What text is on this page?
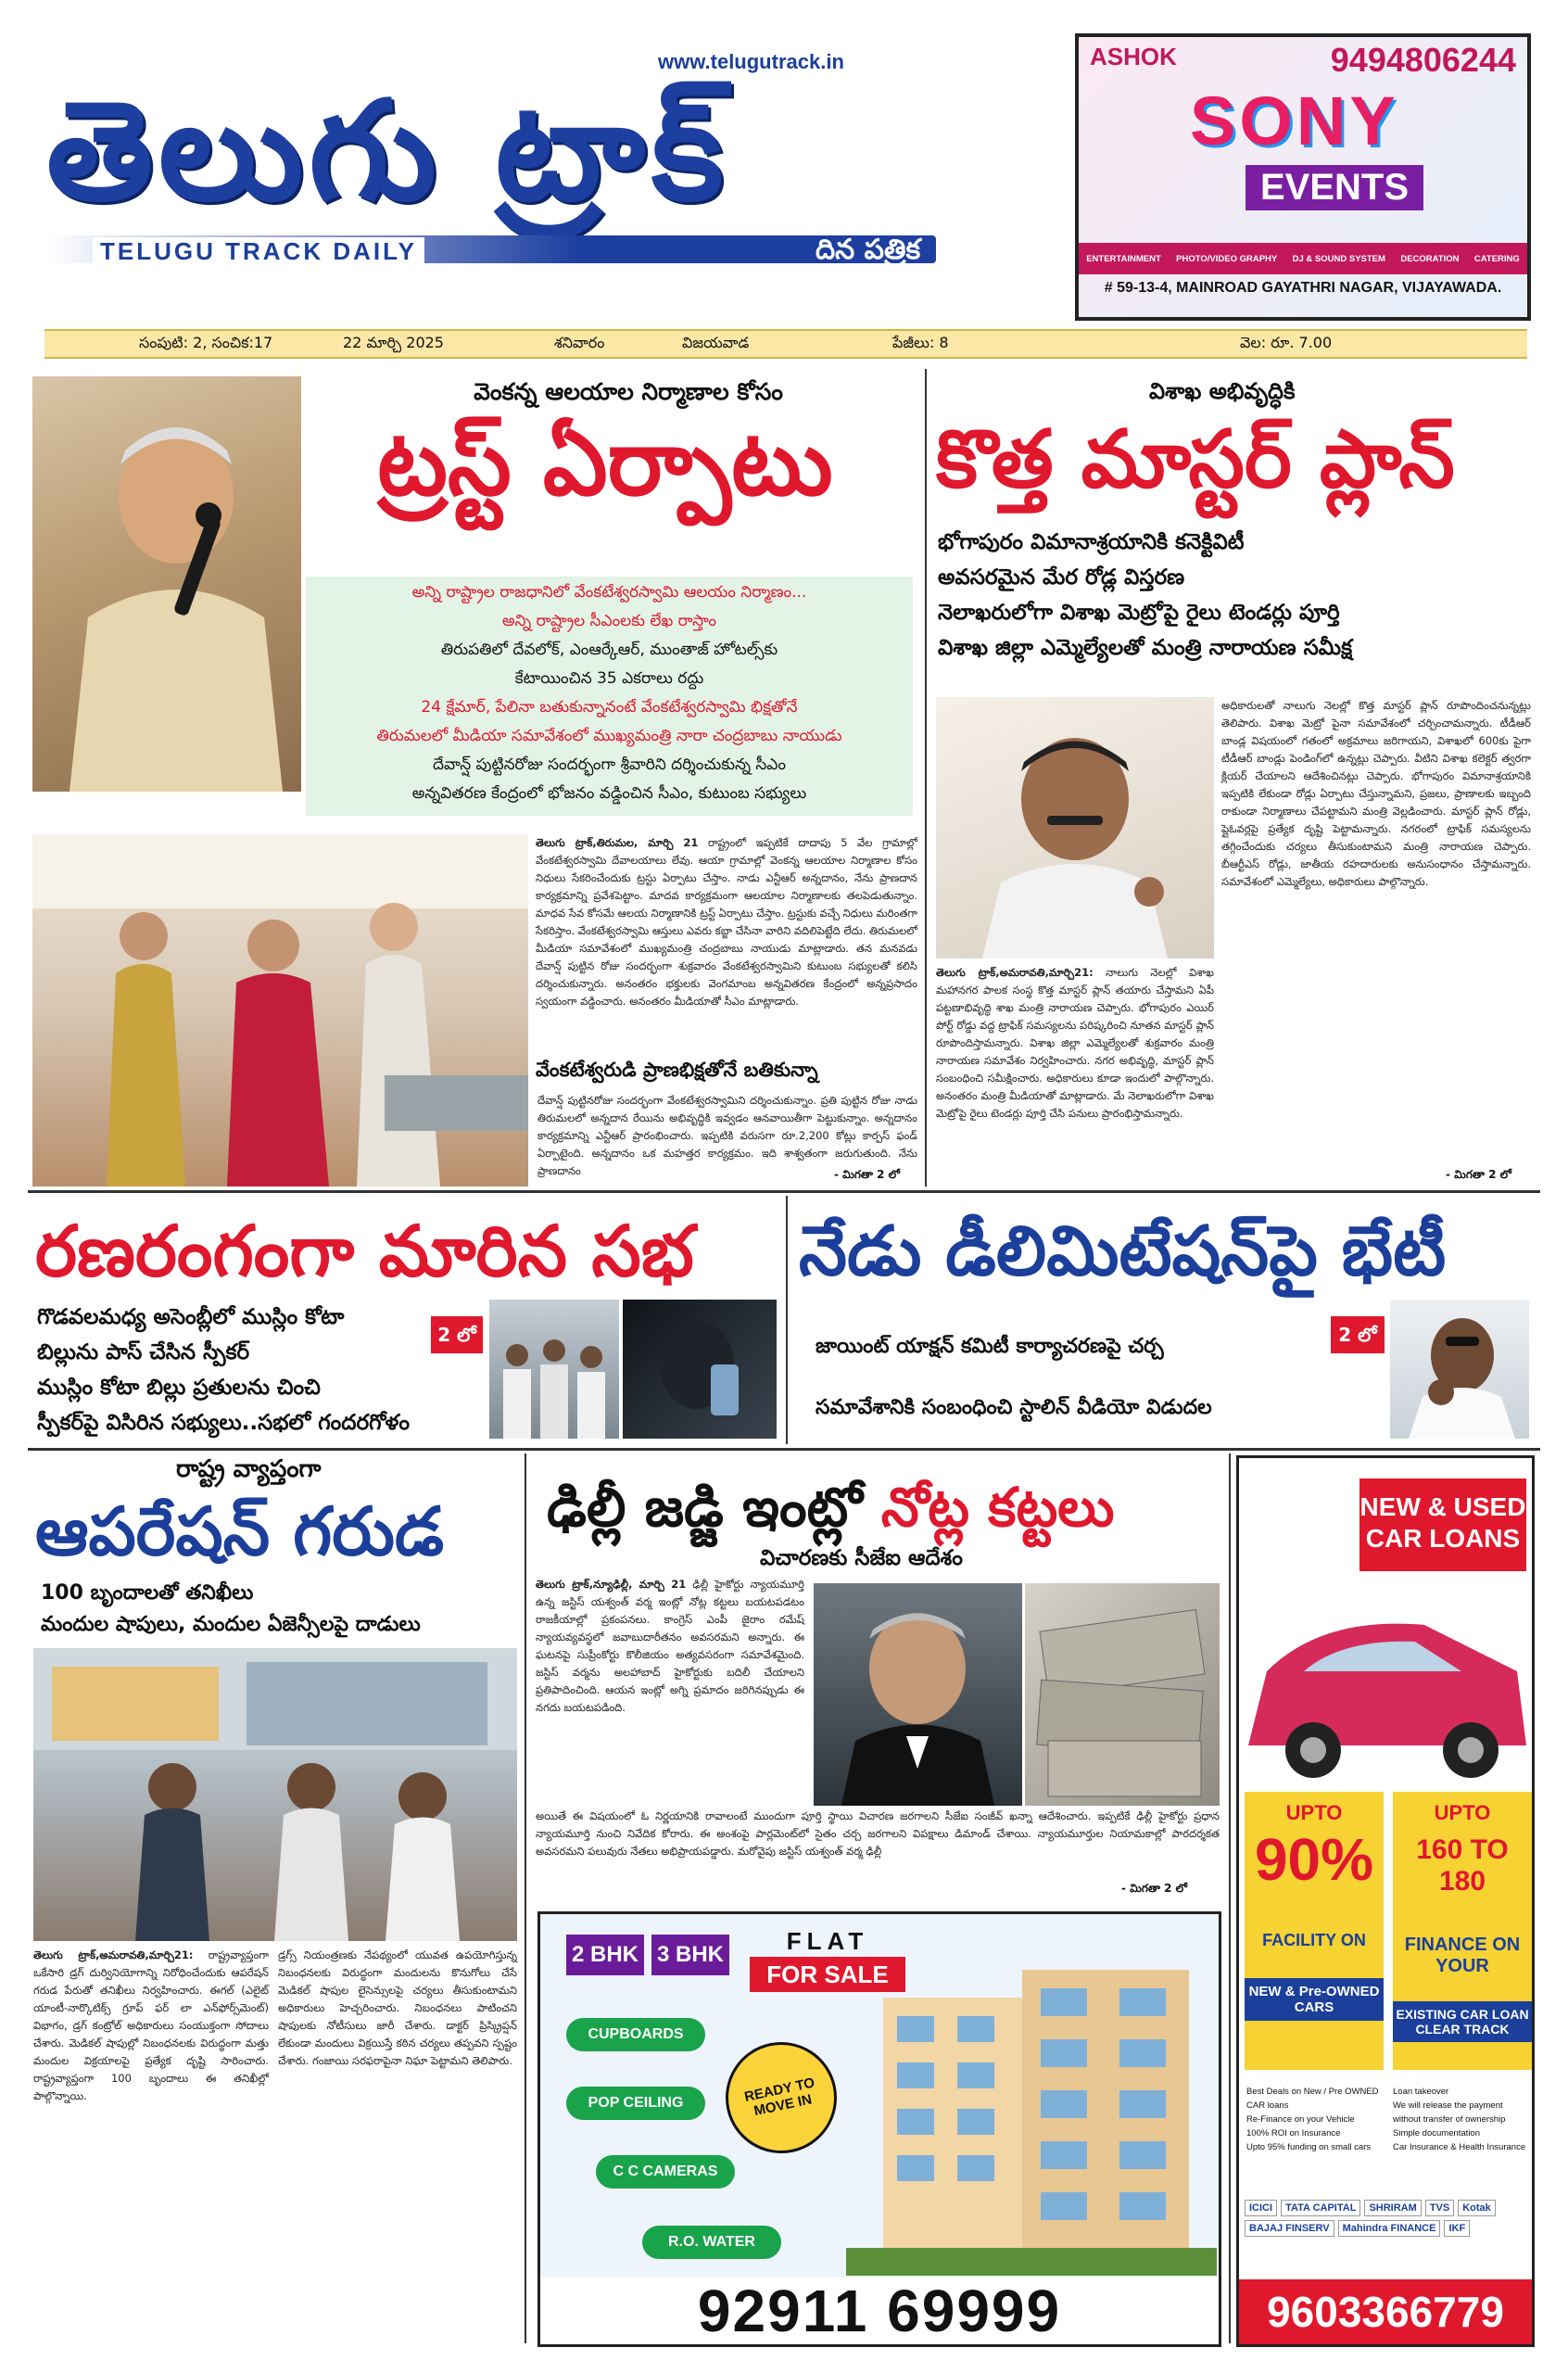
www.telugutrack.in
తెలుగు ట్రాక్
TELUGU TRACK DAILY	దిన పత్రిక
ASHOK	9494806244
SONY
EVENTS
ENTERTAINMENT PHOTO/VIDEO GRAPHY DJ & SOUND SYSTEM DECORATION CATERING
# 59-13-4, MAINROAD GAYATHRI NAGAR, VIJAYAWADA.
సంపుటి: 2, సంచిక:17	22 మార్చి 2025	శనివారం	విజయవాడ	పేజీలు: 8	వెల: రూ. 7.00
వెంకన్న ఆలయాల నిర్మాణాల కోసం
ట్రస్ట్ ఏర్పాటు
అన్ని రాష్ట్రాల రాజధానిలో వేంకటేశ్వరస్వామి ఆలయం నిర్మాణం...
అన్ని రాష్ట్రాల సీఎంలకు లేఖ రాస్తాం
తిరుపతిలో దేవలోక్, ఎంఆర్కేఆర్, ముంతాజ్ హోటల్స్‌కు
కేటాయించిన 35 ఎకరాలు రద్దు
24 క్షేమార్, పేలినా బతుకున్నానంటే వేంకటేశ్వరస్వామి భిక్షతోనే
తిరుమలలో మీడియా సమావేశంలో ముఖ్యమంత్రి నారా చంద్రబాబు నాయుడు
దేవాన్ష్ పుట్టినరోజు సందర్భంగా శ్రీవారిని దర్శించుకున్న సీఎం
అన్నవితరణ కేంద్రంలో భోజనం వడ్డించిన సీఎం, కుటుంబ సభ్యులు
తెలుగు ట్రాక్,తిరుమల, మార్చి 21 రాష్ట్రంలో ఇప్పటికే దాదాపు 5 వేల గ్రామాల్లో వేంకటేశ్వరస్వామి దేవాలయాలు లేవు. ఆయా గ్రామాల్లో వెంకన్న ఆలయాల నిర్మాణాల కోసం నిధులు సేకరించేందుకు ట్రస్టు ఏర్పాటు చేస్తాం. నాడు ఎన్టీఆర్ అన్నదానం, నేను ప్రాణదాన కార్యక్రమాన్ని ప్రవేశపెట్టాం. మాదవ కార్యక్రమంగా ఆలయాల నిర్మాణాలకు తలపెడుతున్నాం. మాధవ సేవ కోసమే ఆలయ నిర్మాణానికి ట్రస్ట్ ఏర్పాటు చేస్తాం. ట్రస్టుకు వచ్చే నిధులు మరింతగా సేకరిస్తాం. వేంకటేశ్వరస్వామి ఆస్తులు ఎవరు కబ్జా చేసినా వారిని వదిలిపెట్టేది లేదు. తిరుమలలో మీడియా సమావేశంలో ముఖ్యమంత్రి చంద్రబాబు నాయుడు మాట్లాడారు. తన మనవడు దేవాన్ష్ పుట్టిన రోజు సందర్భంగా శుక్రవారం వేంకటేశ్వరస్వామిని కుటుంబ సభ్యులతో కలిసి దర్శించుకున్నారు. అనంతరం భక్తులకు వెంగమాంబ అన్నవితరణ కేంద్రంలో అన్నప్రసాదం స్వయంగా వడ్డించారు. అనంతరం మీడియాతో సీఎం మాట్లాడారు.
వేంకటేశ్వరుడి ప్రాణభిక్షతోనే బతికున్నా
దేవాన్ష్ పుట్టినరోజు సందర్భంగా వేంకటేశ్వరస్వామిని దర్శించుకున్నాం. ప్రతి పుట్టిన రోజు నాడు తిరుమలలో అన్నదాన రేయిను అభివృద్ధికి ఇవ్వడం ఆనవాయితీగా పెట్టుకున్నాం. అన్నదానం కార్యక్రమాన్ని ఎన్టీఆర్ ప్రారంభించారు. ఇప్పటికి వరుసగా రూ.2,200 కోట్లు కార్పస్ ఫండ్ ఏర్పాటైంది. అన్నదానం ఒక మహత్తర కార్యక్రమం. ఇది శాశ్వతంగా జరుగుతుంది. నేను ప్రాణదానం	- మిగతా 2 లో
విశాఖ అభివృద్ధికి
కొత్త మాస్టర్ ప్లాన్
భోగాపురం విమానాశ్రయానికి కనెక్టివిటీ
అవసరమైన మేర రోడ్ల విస్తరణ
నెలాఖరులోగా విశాఖ మెట్రోపై రైలు టెండర్లు పూర్తి
విశాఖ జిల్లా ఎమ్మెల్యేలతో మంత్రి నారాయణ సమీక్ష
తెలుగు ట్రాక్,అమరావతి,మార్చి21: నాలుగు నెలల్లో విశాఖ మహానగర పాలక సంస్థ కొత్త మాస్టర్ ప్లాన్ తయారు చేస్తామని ఏపీ పట్టణాభివృద్ధి శాఖ మంత్రి నారాయణ చెప్పారు. భోగాపురం ఎయిర్ పోర్ట్ రోడ్డు వద్ద ట్రాఫిక్ సమస్యలను పరిష్కరించి నూతన మాస్టర్ ప్లాన్ రూపొందిస్తామన్నారు. విశాఖ జిల్లా ఎమ్మెల్యేలతో శుక్రవారం మంత్రి నారాయణ సమావేశం నిర్వహించారు. నగర అభివృద్ధి, మాస్టర్ ప్లాన్ సంబంధించి సమీక్షించారు. అధికారులు కూడా ఇందులో పాల్గొన్నారు. అనంతరం మంత్రి మీడియాతో మాట్లాడారు. మే నెలాఖరులోగా విశాఖ మెట్రోపై రైలు టెండర్లు పూర్తి చేసి పనులు ప్రారంభిస్తామన్నారు.
అధికారులతో నాలుగు నెలల్లో కొత్త మాస్టర్ ప్లాన్ రూపొందించనున్నట్లు తెలిపారు. విశాఖ మెట్రో పైనా సమావేశంలో చర్చించామన్నారు. టీడీఆర్ బాండ్ల విషయంలో గతంలో అక్రమాలు జరిగాయని, విశాఖలో 600కు పైగా టీడీఆర్ బాండ్లు పెండింగ్‌లో ఉన్నట్లు చెప్పారు. వీటిని విశాఖ కలెక్టర్ త్వరగా క్లియర్ చేయాలని ఆదేశించినట్లు చెప్పారు. భోగాపురం విమానాశ్రయానికి ఇప్పటికి లేకుండా రోడ్లు ఏర్పాటు చేస్తున్నామని, ప్రజలు, ప్రాణాలకు ఇబ్బంది రాకుండా నిర్మాణాలు చేపట్టామని మంత్రి వెల్లడించారు. మాస్టర్ ప్లాన్ రోడ్లు, ప్లైఓవర్లపై ప్రత్యేక దృష్టి పెట్టామన్నారు. నగరంలో ట్రాఫిక్ సమస్యలను తగ్గించేందుకు చర్యలు తీసుకుంటామని మంత్రి నారాయణ చెప్పారు. బీఆర్టీఎస్ రోడ్లు, జాతీయ రహదారులకు అనుసంధానం చేస్తామన్నారు. సమావేశంలో ఎమ్మెల్యేలు, అధికారులు పాల్గొన్నారు.
- మిగతా 2 లో
రణరంగంగా మారిన సభ
గొడవలమధ్య అసెంబ్లీలో ముస్లిం కోటా
బిల్లును పాస్ చేసిన స్పీకర్
ముస్లిం కోటా బిల్లు ప్రతులను చించి
స్పీకర్‌పై విసిరిన సభ్యులు..సభలో గందరగోళం
2 లో
నేడు డీలిమిటేషన్‌పై భేటీ
జాయింట్ యాక్షన్ కమిటీ కార్యాచరణపై చర్చ
సమావేశానికి సంబంధించి స్టాలిన్ వీడియో విడుదల
2 లో
రాష్ట్ర వ్యాప్తంగా
ఆపరేషన్ గరుడ
100 బృందాలతో తనిఖీలు
మందుల షాపులు, మందుల ఏజెన్సీలపై దాడులు
తెలుగు ట్రాక్,అమరావతి,మార్చి21: రాష్ట్రవ్యాప్తంగా ఒకేసారి డ్రగ్ దుర్వినియోగాన్ని నిరోధించేందుకు ఆపరేషన్ గరుడ పేరుతో తనిఖీలు నిర్వహించారు. ఈగల్ (ఎలైట్ యాంటీ-నార్కొటిక్స్ గ్రూప్ ఫర్ లా ఎన్‌ఫోర్స్‌మెంట్) విభాగం, డ్రగ్ కంట్రోల్ అధికారులు సంయుక్తంగా సోదాలు చేశారు. మెడికల్ షాపుల్లో నిబంధనలకు విరుద్ధంగా మత్తు మందుల విక్రయాలపై ప్రత్యేక దృష్టి సారించారు. రాష్ట్రవ్యాప్తంగా 100 బృందాలు ఈ తనిఖీల్లో పాల్గొన్నాయి.
డ్రగ్స్ నియంత్రణకు నేపథ్యంలో యువత ఉపయోగిస్తున్న నిబంధనలకు విరుద్ధంగా మందులను కొనుగోలు చేసే మెడికల్ షాపుల లైసెన్సులపై చర్యలు తీసుకుంటామని అధికారులు హెచ్చరించారు. నిబంధనలు పాటించని షాపులకు నోటీసులు జారీ చేశారు. డాక్టర్ ప్రిస్క్రిప్షన్ లేకుండా మందులు విక్రయిస్తే కఠిన చర్యలు తప్పవని స్పష్టం చేశారు. గంజాయి సరఫరాపైనా నిఘా పెట్టామని తెలిపారు.
ఢిల్లీ జడ్జి ఇంట్లో నోట్ల కట్టలు
విచారణకు సీజేఐ ఆదేశం
తెలుగు ట్రాక్,న్యూఢిల్లీ, మార్చి 21 ఢిల్లీ హైకోర్టు న్యాయమూర్తి ఉన్న జస్టిస్ యశ్వంత్ వర్మ ఇంట్లో నోట్ల కట్టలు బయటపడటం రాజకీయాల్లో ప్రకంపనలు. కాంగ్రెస్ ఎంపీ జైరాం రమేష్ న్యాయవ్యవస్థలో జవాబుదారీతనం అవసరమని అన్నారు. ఈ ఘటనపై సుప్రీంకోర్టు కొలీజియం అత్యవసరంగా సమావేశమైంది. జస్టిస్ వర్మను అలహాబాద్ హైకోర్టుకు బదిలీ చేయాలని ప్రతిపాదించింది. ఆయన ఇంట్లో అగ్ని ప్రమాదం జరిగినప్పుడు ఈ నగదు బయటపడింది.
అయితే ఈ విషయంలో ఓ నిర్ణయానికి రావాలంటే ముందుగా పూర్తి స్థాయి విచారణ జరగాలని సీజేఐ సంజీవ్ ఖన్నా ఆదేశించారు. ఇప్పటికే ఢిల్లీ హైకోర్టు ప్రధాన న్యాయమూర్తి నుంచి నివేదిక కోరారు. ఈ అంశంపై పార్లమెంట్‌లో సైతం చర్చ జరగాలని విపక్షాలు డిమాండ్ చేశాయి. న్యాయమూర్తుల నియామకాల్లో పారదర్శకత అవసరమని పలువురు నేతలు అభిప్రాయపడ్డారు. మరోవైపు జస్టిస్ యశ్వంత్ వర్మ ఢిల్లీ
- మిగతా 2 లో
2 BHK 3 BHK	FLAT
FOR SALE
CUPBOARDS
POP CEILING
C C CAMERAS
R.O. WATER
READY TO MOVE IN
92911 69999
NEW & USED CAR LOANS
UPTO
90%
FACILITY ON
NEW & Pre-OWNED CARS
UPTO
160 TO 180
FINANCE ON YOUR
EXISTING CAR LOAN CLEAR TRACK
Best Deals on New / Pre OWNED CAR loans
Re-Finance on your Vehicle
100% ROI on Insurance
Upto 95% funding on small cars
Loan takeover
We will release the payment without transfer of ownership
Simple documentation
Car Insurance & Health Insurance
ICICI	TATA CAPITAL	SHRIRAM	TVS	Kotak
BAJAJ FINSERV	Mahindra FINANCE	IKF
9603366779
